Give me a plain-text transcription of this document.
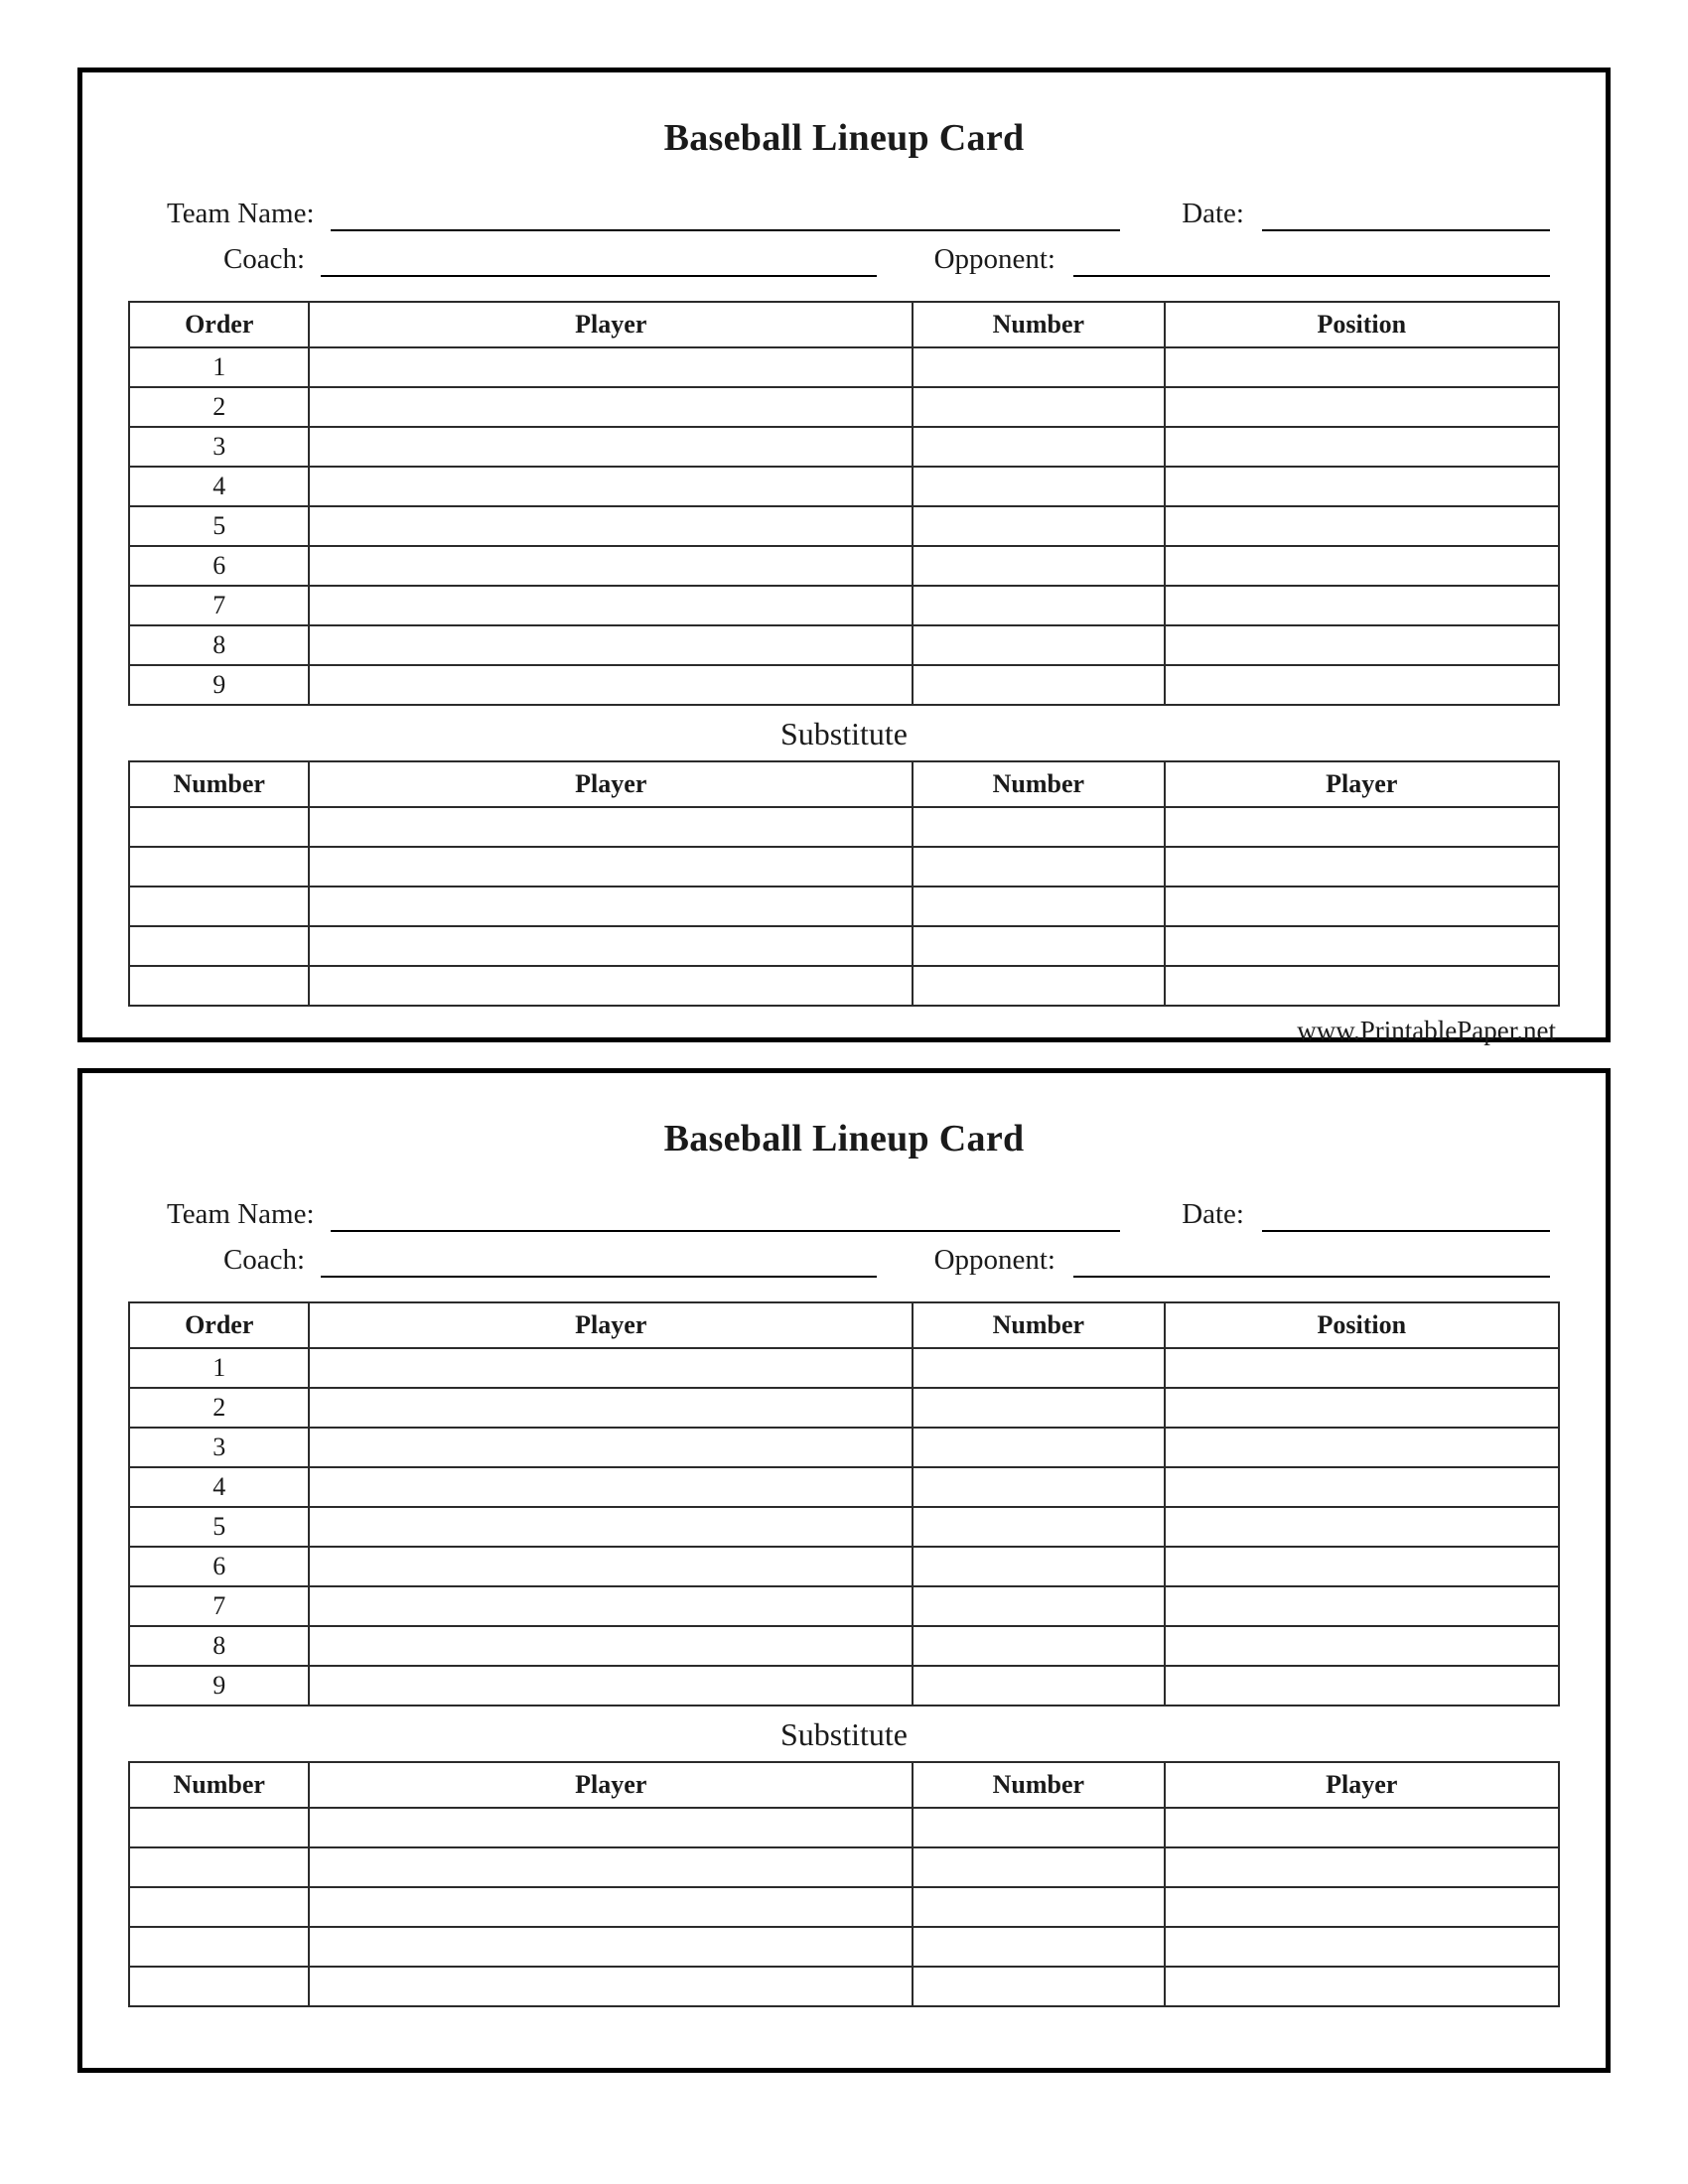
Baseball Lineup Card
Team Name:	Date:
Coach:	Opponent:
Order	Player	Number	Position
1			
2			
3			
4			
5			
6			
7			
8			
9			
Substitute
Number	Player	Number	Player

www.PrintablePaper.net
Baseball Lineup Card
Team Name:	Date:
Coach:	Opponent:
Order	Player	Number	Position
1			
2			
3			
4			
5			
6			
7			
8			
9			
Substitute
Number	Player	Number	Player
